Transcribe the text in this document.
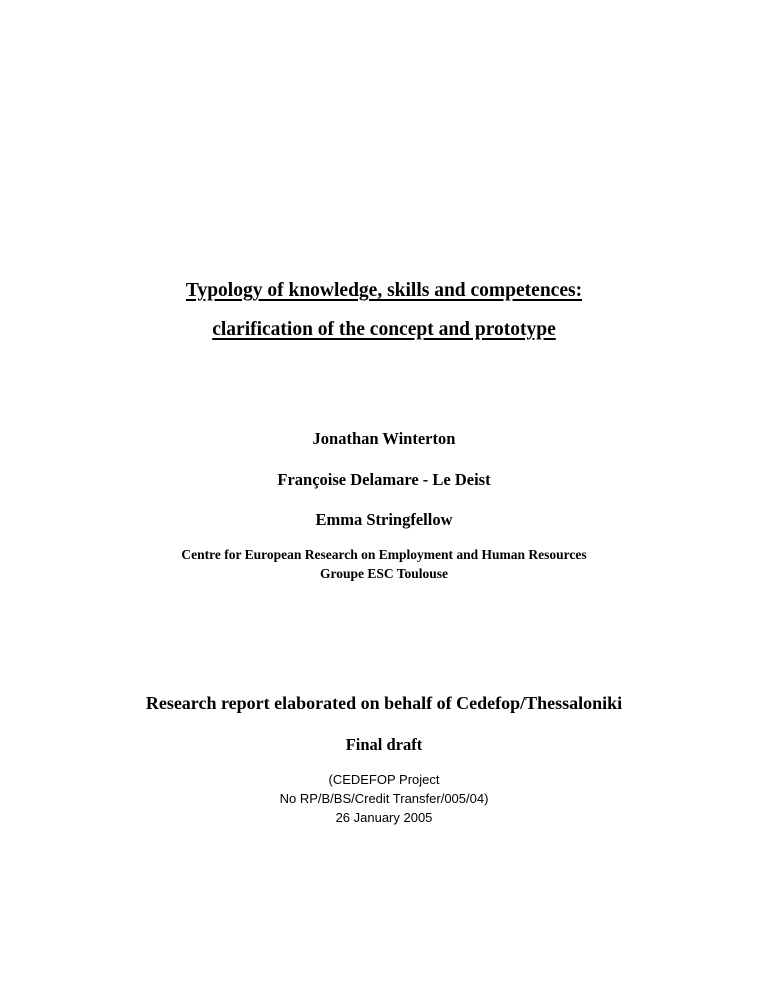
Typology of knowledge, skills and competences:
clarification of the concept and prototype
Jonathan Winterton
Françoise Delamare - Le Deist
Emma Stringfellow
Centre for European Research on Employment and Human Resources
Groupe ESC Toulouse
Research report elaborated on behalf of Cedefop/Thessaloniki
Final draft
(CEDEFOP Project
No RP/B/BS/Credit Transfer/005/04)
26 January 2005
